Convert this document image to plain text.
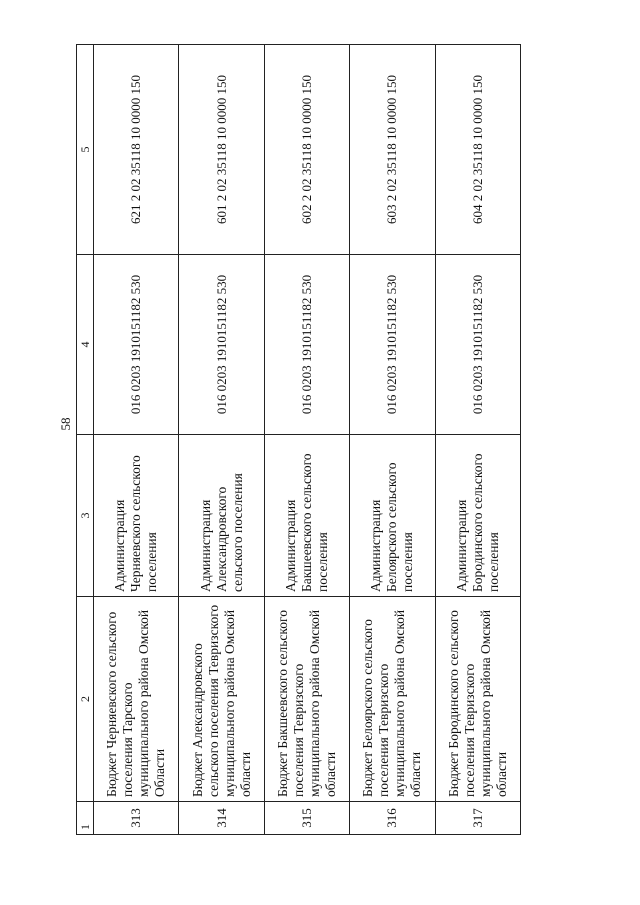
58
1	2	3	4	5
313	Бюджет Черняевского сельского поселения Тарского муниципального района Омской Области	Администрация Черняевского сельского поселения	016 0203 1910151182 530	621 2 02 35118 10 0000 150
314	Бюджет Александровского сельского поселения Тевризского муниципального района Омской области	Администрация Александровского сельского поселения	016 0203 1910151182 530	601 2 02 35118 10 0000 150
315	Бюджет Бакшеевского сельского поселения Тевризского муниципального района Омской области	Администрация Бакшеевского сельского поселения	016 0203 1910151182 530	602 2 02 35118 10 0000 150
316	Бюджет Белоярского сельского поселения Тевризского муниципального района Омской области	Администрация Белоярского сельского поселения	016 0203 1910151182 530	603 2 02 35118 10 0000 150
317	Бюджет Бородинского сельского поселения Тевризского муниципального района Омской области	Администрация Бородинского сельского поселения	016 0203 1910151182 530	604 2 02 35118 10 0000 150
